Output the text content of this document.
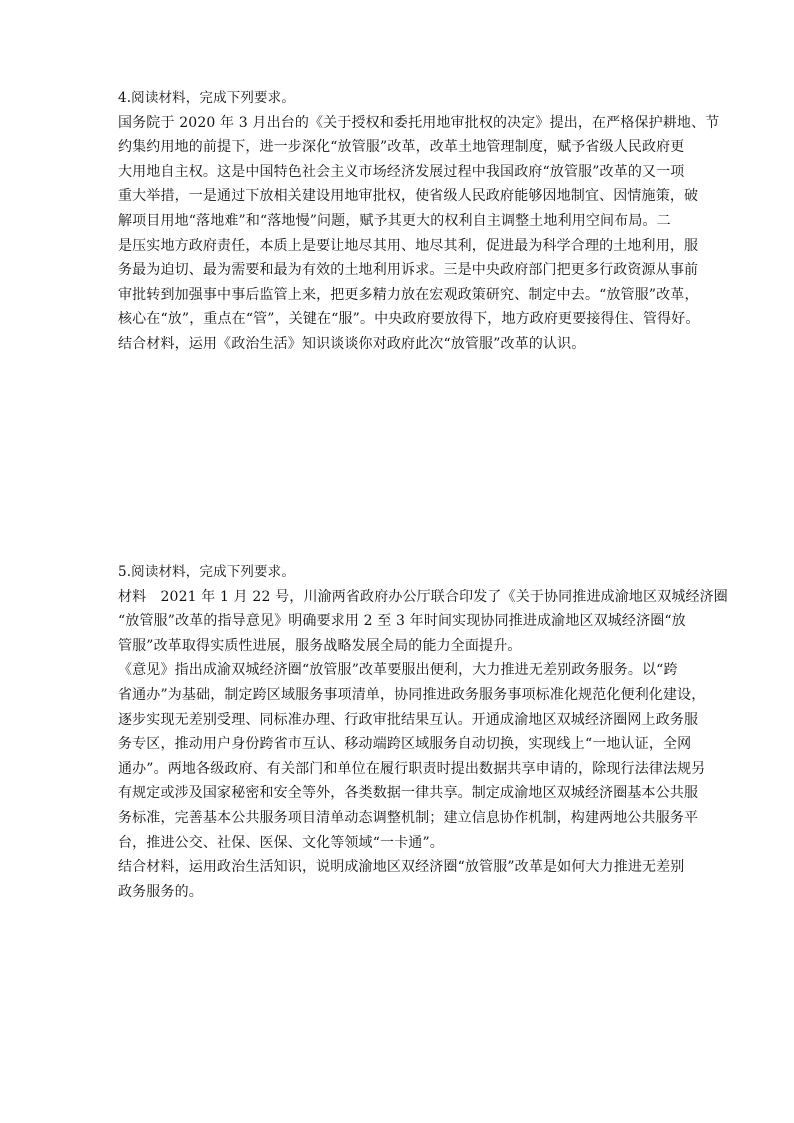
4.阅读材料，完成下列要求。
国务院于 2020 年 3 月出台的《关于授权和委托用地审批权的决定》提出，在严格保护耕地、节
约集约用地的前提下，进一步深化“放管服”改革，改革土地管理制度，赋予省级人民政府更
大用地自主权。这是中国特色社会主义市场经济发展过程中我国政府“放管服”改革的又一项
重大举措，一是通过下放相关建设用地审批权，使省级人民政府能够因地制宜、因情施策，破
解项目用地“落地难”和“落地慢”问题，赋予其更大的权利自主调整土地利用空间布局。二
是压实地方政府责任，本质上是要让地尽其用、地尽其利，促进最为科学合理的土地利用，服
务最为迫切、最为需要和最为有效的土地利用诉求。三是中央政府部门把更多行政资源从事前
审批转到加强事中事后监管上来，把更多精力放在宏观政策研究、制定中去。“放管服”改革，
核心在“放”，重点在“管”，关键在“服”。中央政府要放得下，地方政府更要接得住、管得好。
结合材料，运用《政治生活》知识谈谈你对政府此次“放管服”改革的认识。
5.阅读材料，完成下列要求。
材料　2021 年 1 月 22 号，川渝两省政府办公厅联合印发了《关于协同推进成渝地区双城经济圈
“放管服”改革的指导意见》明确要求用 2 至 3 年时间实现协同推进成渝地区双城经济圈“放
管服”改革取得实质性进展，服务战略发展全局的能力全面提升。
《意见》指出成渝双城经济圈“放管服”改革要服出便利，大力推进无差别政务服务。以“跨
省通办”为基础，制定跨区域服务事项清单，协同推进政务服务事项标准化规范化便利化建设，
逐步实现无差别受理、同标准办理、行政审批结果互认。开通成渝地区双城经济圈网上政务服
务专区，推动用户身份跨省市互认、移动端跨区域服务自动切换，实现线上“一地认证，全网
通办”。两地各级政府、有关部门和单位在履行职责时提出数据共享申请的，除现行法律法规另
有规定或涉及国家秘密和安全等外，各类数据一律共享。制定成渝地区双城经济圈基本公共服
务标准，完善基本公共服务项目清单动态调整机制；建立信息协作机制，构建两地公共服务平
台，推进公交、社保、医保、文化等领域“一卡通”。
结合材料，运用政治生活知识，说明成渝地区双经济圈“放管服”改革是如何大力推进无差别
政务服务的。
